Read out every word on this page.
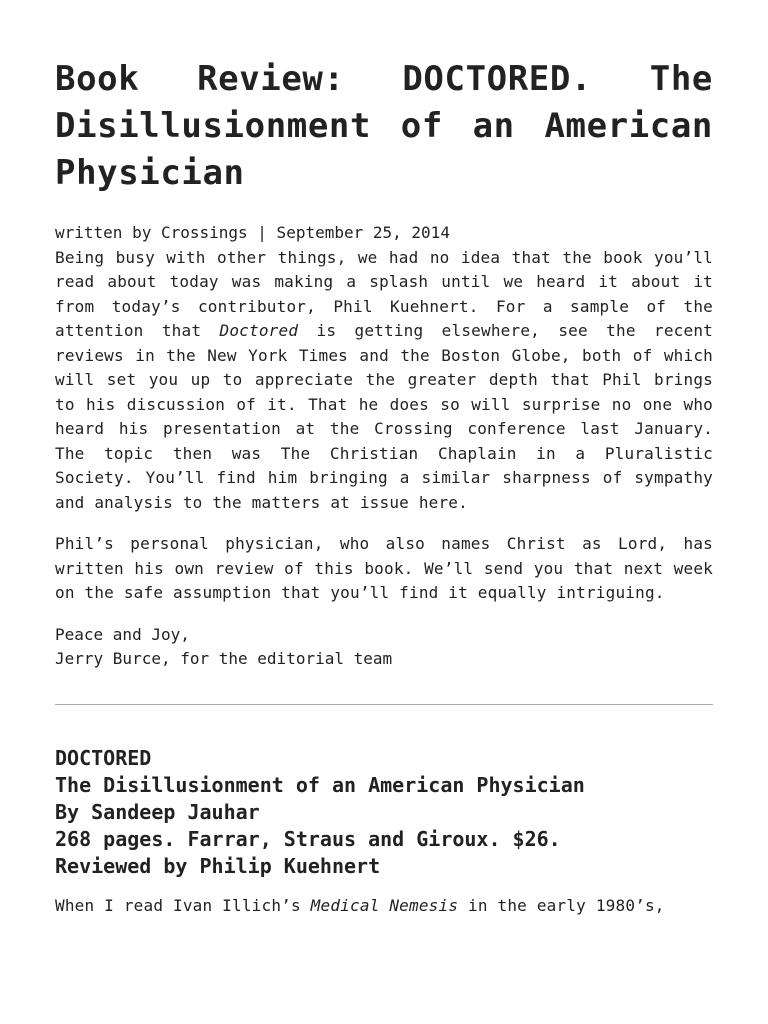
Book Review: DOCTORED. The Disillusionment of an American Physician

written by Crossings | September 25, 2014

Being busy with other things, we had no idea that the book you’ll read about today was making a splash until we heard it about it from today’s contributor, Phil Kuehnert. For a sample of the attention that Doctored is getting elsewhere, see the recent reviews in the New York Times and the Boston Globe, both of which will set you up to appreciate the greater depth that Phil brings to his discussion of it. That he does so will surprise no one who heard his presentation at the Crossing conference last January. The topic then was The Christian Chaplain in a Pluralistic Society. You’ll find him bringing a similar sharpness of sympathy and analysis to the matters at issue here.

Phil’s personal physician, who also names Christ as Lord, has written his own review of this book. We’ll send you that next week on the safe assumption that you’ll find it equally intriguing.

Peace and Joy,

Jerry Burce, for the editorial team

DOCTORED
The Disillusionment of an American Physician
By Sandeep Jauhar
268 pages. Farrar, Straus and Giroux. $26.
Reviewed by Philip Kuehnert

When I read Ivan Illich’s Medical Nemesis in the early 1980’s,
